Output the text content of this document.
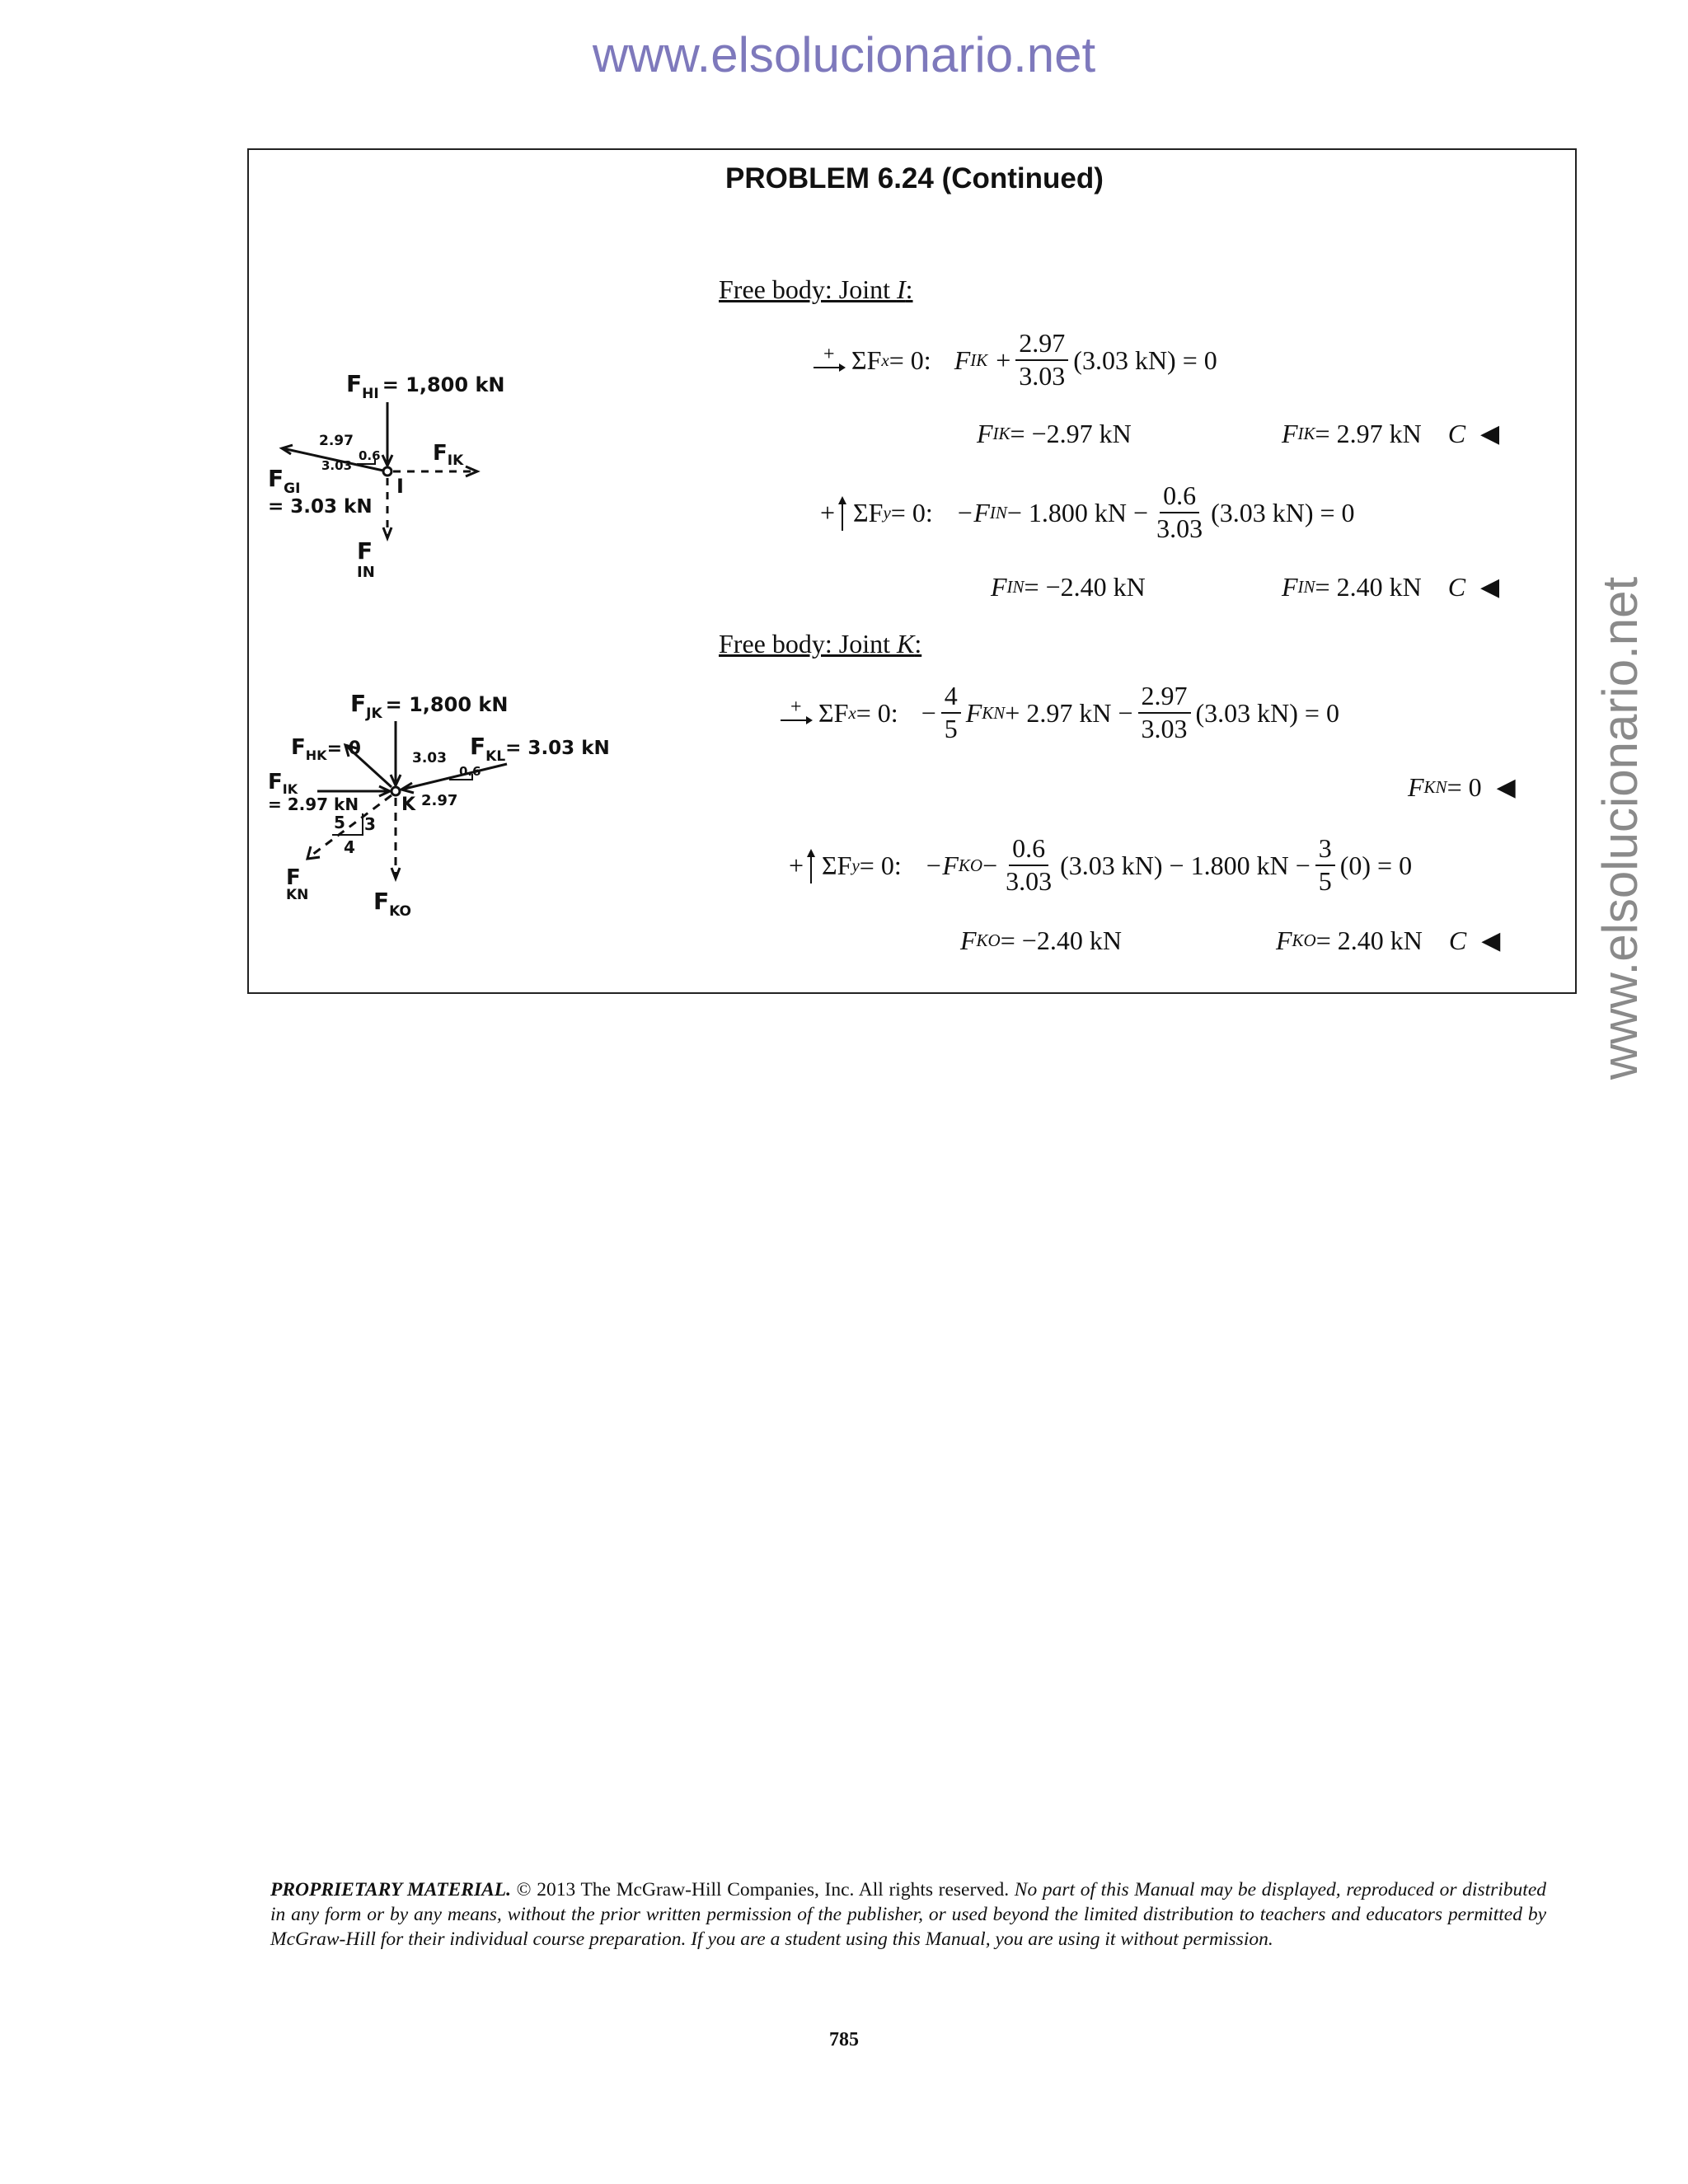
www.elsolucionario.net
www.elsolucionario.net
PROBLEM 6.24 (Continued)
Free body: Joint I:
+ ΣF x = 0: F IK + $\frac{2.97}{3.03} (3.03$ kN) = 0
F IK = −2.97 kN	F IK = 2.97 kN C ◀
+ ΣF y = 0: −F IN − 1.800 kN − $\frac{0.6}{3.03} (3.03$ kN) = 0
F IN = −2.40 kN	F IN = 2.40 kN C ◀
Free body: Joint K:
+ ΣF x = 0: − $\frac{4}{5}$ F KN + 2.97 kN − $\frac{2.97}{3.03} (3.03$ kN) = 0
F KN = 0 ◀
+ ΣF y = 0: −F KO − $\frac{0.6}{3.03} (3.03$ kN) − 1.800 kN − $\frac{3}{5} (0) = 0$
F KO = −2.40 kN	F KO = 2.40 kN C ◀
$F_{HI} = 1,800$ kN
2.97
3.03
0.6 $F_{IK}$
$F_{GI}$
= 3.03 kN
I
F IN
$F_{JK} = 1,800$ kN
$F_{HK}^{= 0}$	3.03 $F_{KL}^{= 3.03 kN}$
0.6
$F_{IK}$
= 2.97 kN	2.97
K
5 3
4
F KN	$F_{KO}$
PROPRIETARY MATERIAL. © 2013 The McGraw-Hill Companies, Inc. All rights reserved. No part of this Manual may be displayed, reproduced or distributed in any form or by any means, without the prior written permission of the publisher, or used beyond the limited distribution to teachers and educators permitted by McGraw-Hill for their individual course preparation. If you are a student using this Manual, you are using it without permission.
785
